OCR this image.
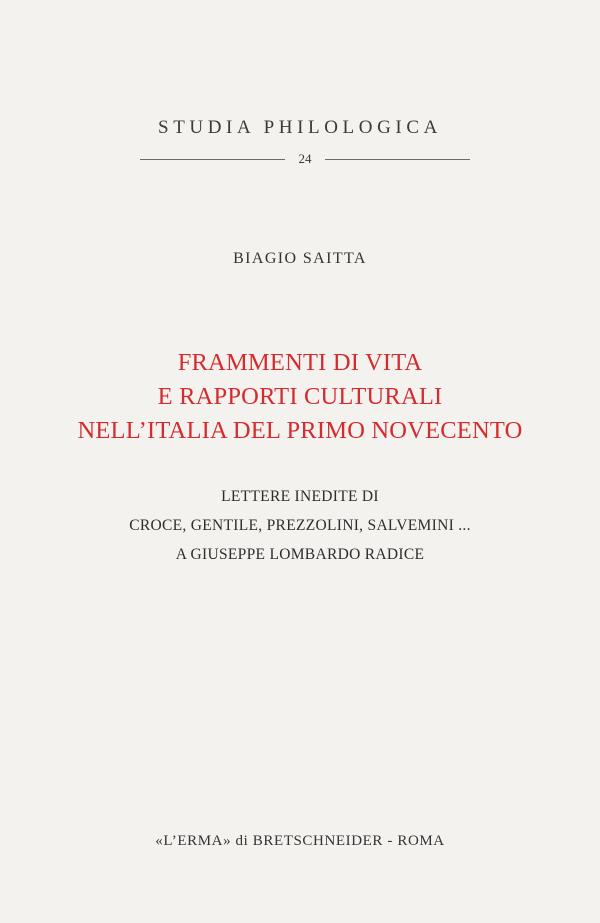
STUDIA PHILOLOGICA
24
BIAGIO SAITTA
FRAMMENTI DI VITA
E RAPPORTI CULTURALI
NELL’ITALIA DEL PRIMO NOVECENTO
LETTERE INEDITE DI
CROCE, GENTILE, PREZZOLINI, SALVEMINI ...
A GIUSEPPE LOMBARDO RADICE
«L’ERMA» di BRETSCHNEIDER - ROMA
